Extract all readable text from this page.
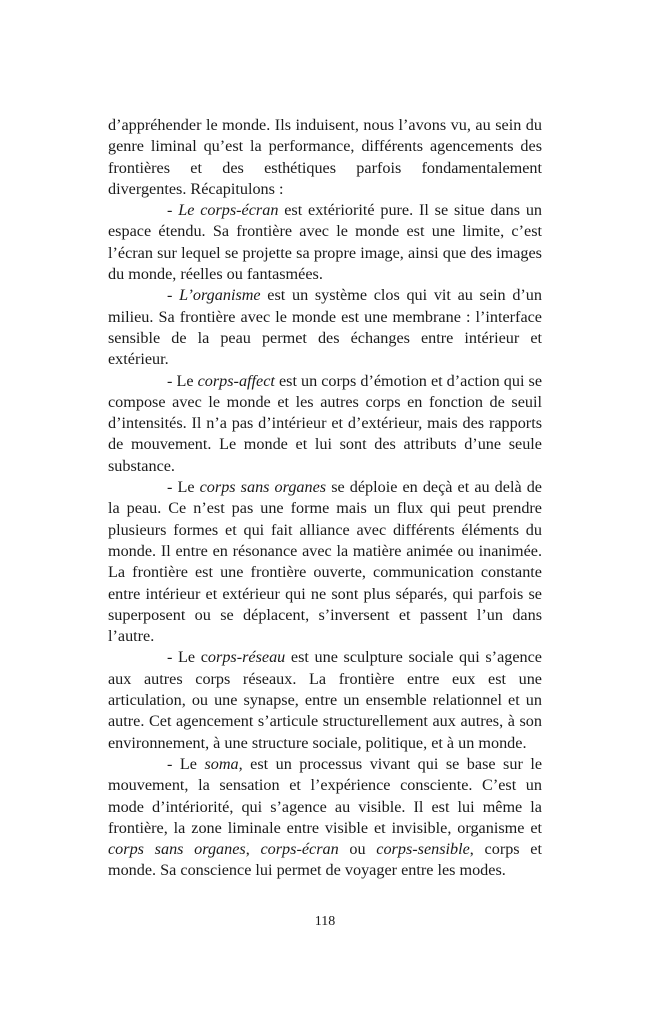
d’appréhender le monde. Ils induisent, nous l’avons vu, au sein du genre liminal qu’est la performance, différents agencements des frontières et des esthétiques parfois fondamentalement divergentes. Récapitulons :

- Le corps-écran est extériorité pure. Il se situe dans un espace étendu. Sa frontière avec le monde est une limite, c’est l’écran sur lequel se projette sa propre image, ainsi que des images du monde, réelles ou fantasmées.

- L’organisme est un système clos qui vit au sein d’un milieu. Sa frontière avec le monde est une membrane : l’interface sensible de la peau permet des échanges entre intérieur et extérieur.

- Le corps-affect est un corps d’émotion et d’action qui se compose avec le monde et les autres corps en fonction de seuil d’intensités. Il n’a pas d’intérieur et d’extérieur, mais des rapports de mouvement. Le monde et lui sont des attributs d’une seule substance.

- Le corps sans organes se déploie en deçà et au delà de la peau. Ce n’est pas une forme mais un flux qui peut prendre plusieurs formes et qui fait alliance avec différents éléments du monde. Il entre en résonance avec la matière animée ou inanimée. La frontière est une frontière ouverte, communication constante entre intérieur et extérieur qui ne sont plus séparés, qui parfois se superposent ou se déplacent, s’inversent et passent l’un dans l’autre.

- Le corps-réseau est une sculpture sociale qui s’agence aux autres corps réseaux. La frontière entre eux est une articulation, ou une synapse, entre un ensemble relationnel et un autre. Cet agencement s’articule structurellement aux autres, à son environnement, à une structure sociale, politique, et à un monde.

- Le soma, est un processus vivant qui se base sur le mouvement, la sensation et l’expérience consciente. C’est un mode d’intériorité, qui s’agence au visible. Il est lui même la frontière, la zone liminale entre visible et invisible, organisme et corps sans organes, corps-écran ou corps-sensible, corps et monde. Sa conscience lui permet de voyager entre les modes.

118
